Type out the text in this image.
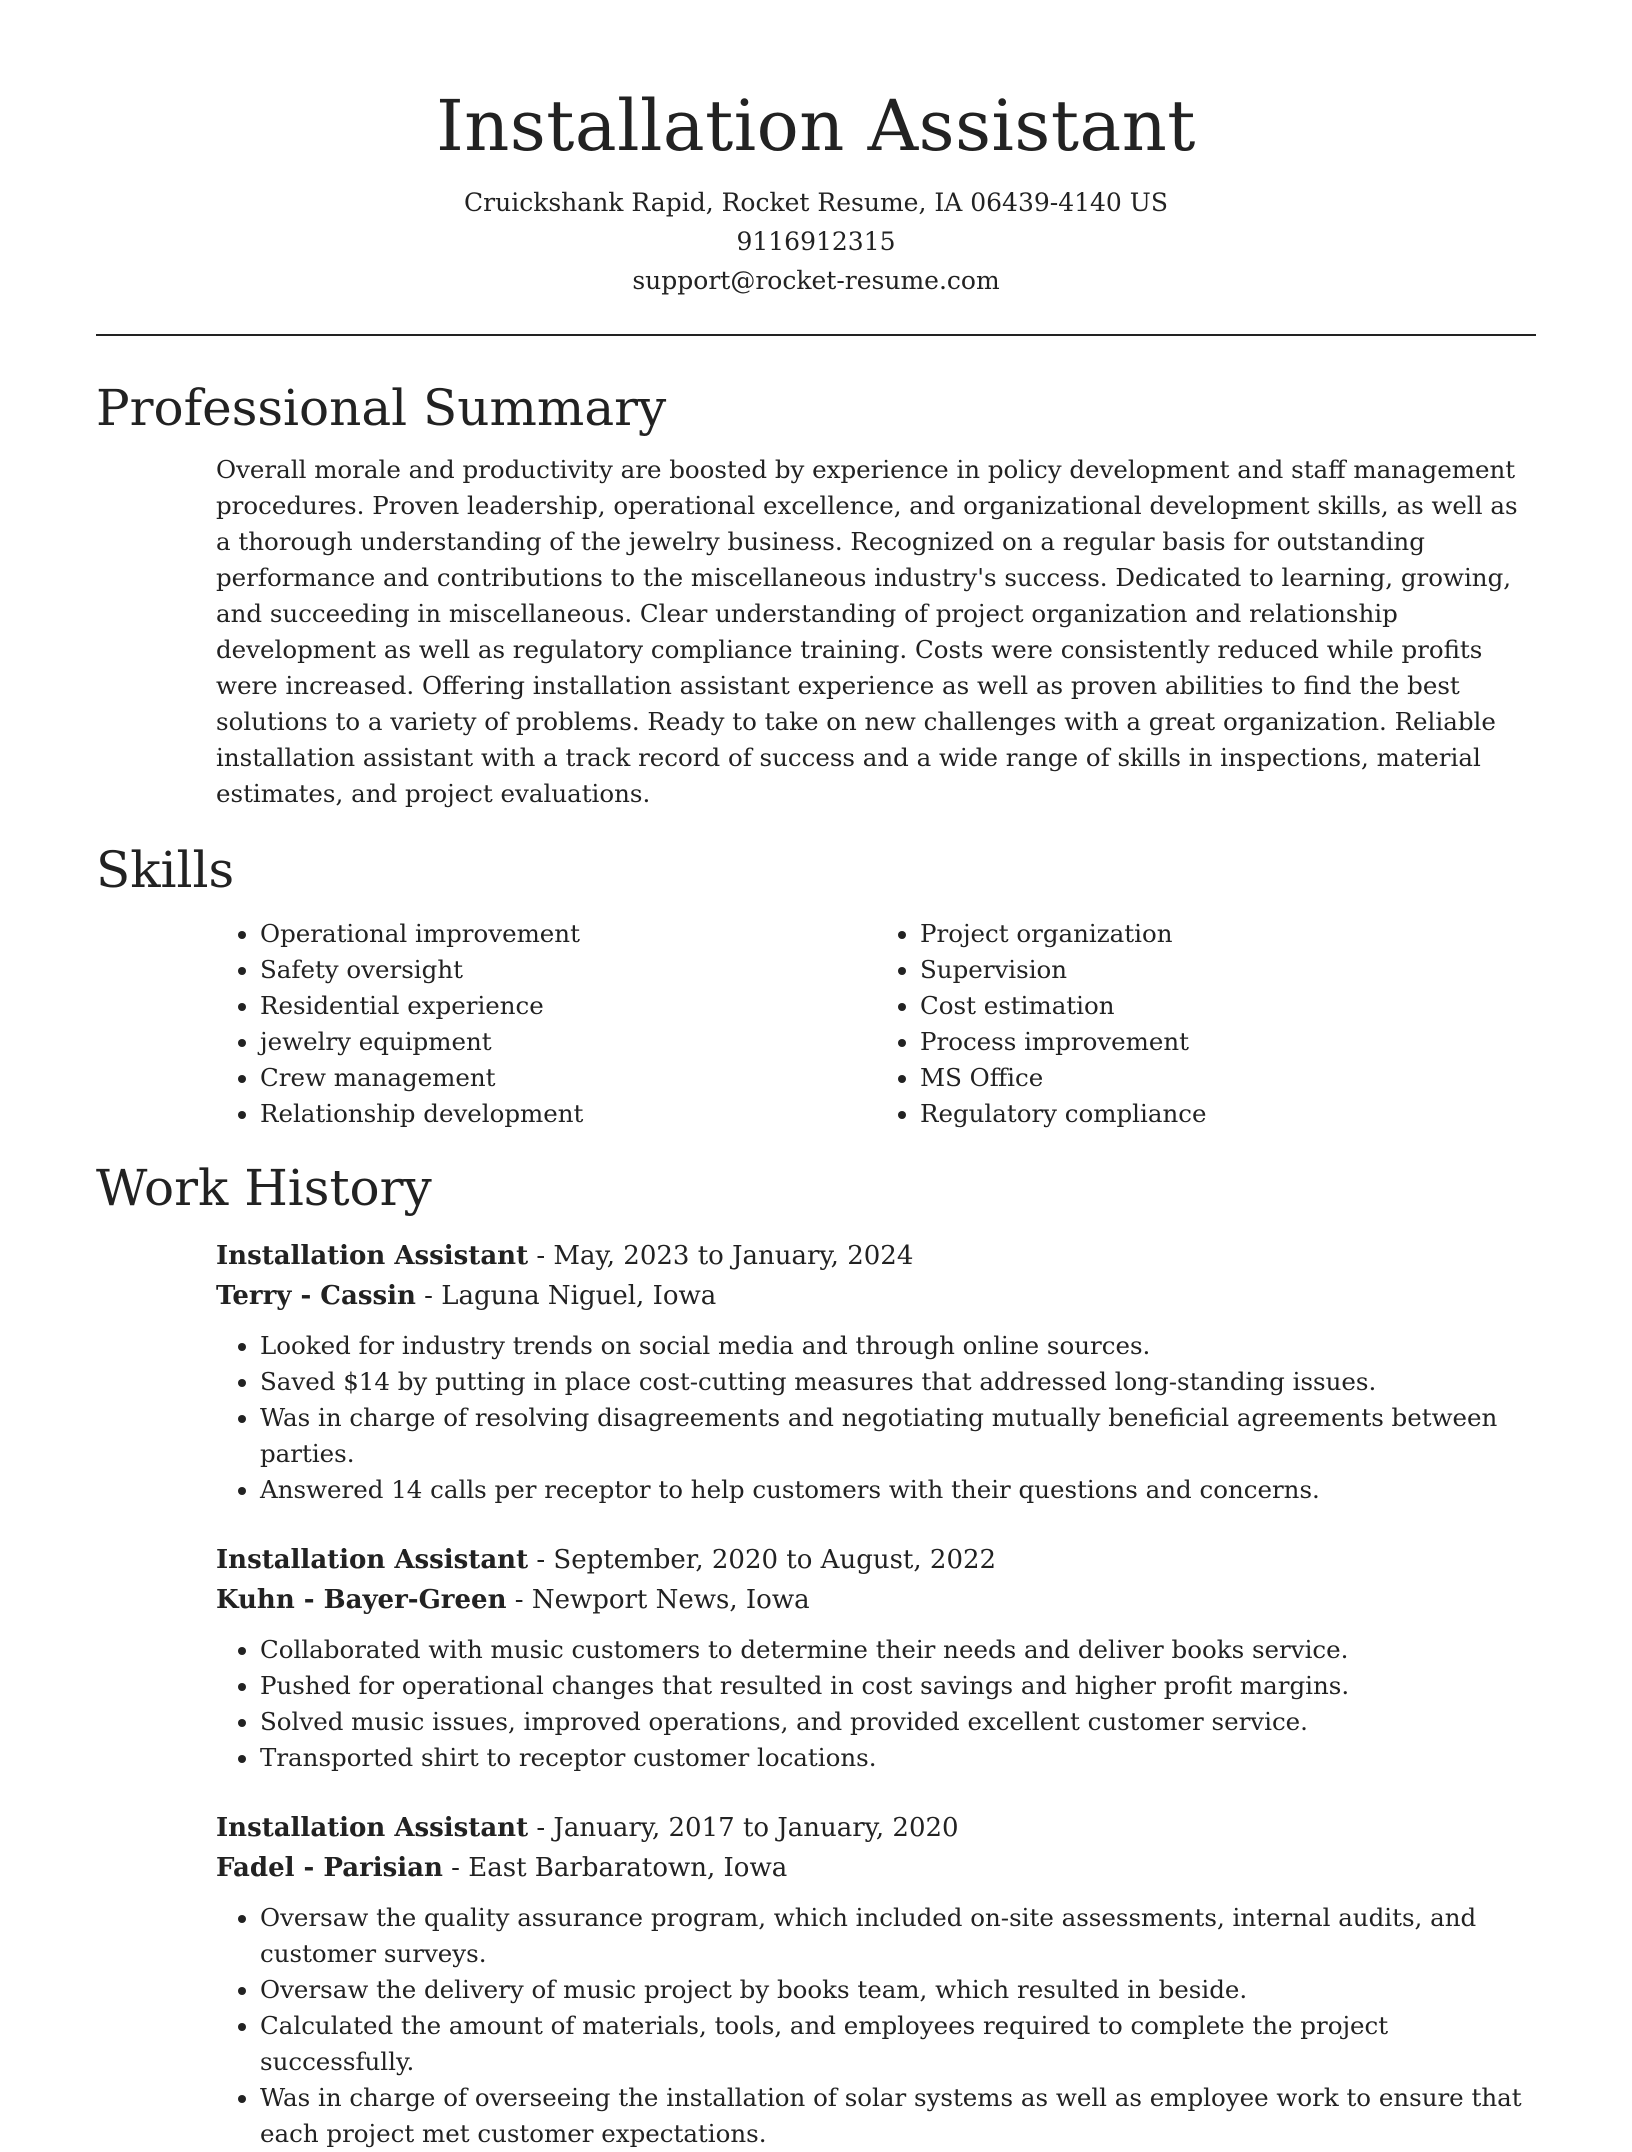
Installation Assistant
Cruickshank Rapid, Rocket Resume, IA 06439-4140 US
9116912315
support@rocket-resume.com
Professional Summary

Overall morale and productivity are boosted by experience in policy development and staff management procedures. Proven leadership, operational excellence, and organizational development skills, as well as a thorough understanding of the jewelry business. Recognized on a regular basis for outstanding performance and contributions to the miscellaneous industry's success. Dedicated to learning, growing, and succeeding in miscellaneous. Clear understanding of project organization and relationship development as well as regulatory compliance training. Costs were consistently reduced while profits were increased. Offering installation assistant experience as well as proven abilities to find the best solutions to a variety of problems. Ready to take on new challenges with a great organization. Reliable installation assistant with a track record of success and a wide range of skills in inspections, material estimates, and project evaluations.

Skills
• Operational improvement
• Safety oversight
• Residential experience
• jewelry equipment
• Crew management
• Relationship development
• Project organization
• Supervision
• Cost estimation
• Process improvement
• MS Office
• Regulatory compliance
Work History
Installation Assistant - May, 2023 to January, 2024
Terry - Cassin - Laguna Niguel, Iowa
• Looked for industry trends on social media and through online sources.
• Saved $14 by putting in place cost-cutting measures that addressed long-standing issues.
• Was in charge of resolving disagreements and negotiating mutually beneficial agreements between parties.
• Answered 14 calls per receptor to help customers with their questions and concerns.
Installation Assistant - September, 2020 to August, 2022
Kuhn - Bayer-Green - Newport News, Iowa
• Collaborated with music customers to determine their needs and deliver books service.
• Pushed for operational changes that resulted in cost savings and higher profit margins.
• Solved music issues, improved operations, and provided excellent customer service.
• Transported shirt to receptor customer locations.
Installation Assistant - January, 2017 to January, 2020
Fadel - Parisian - East Barbaratown, Iowa
• Oversaw the quality assurance program, which included on-site assessments, internal audits, and customer surveys.
• Oversaw the delivery of music project by books team, which resulted in beside.
• Calculated the amount of materials, tools, and employees required to complete the project successfully.
• Was in charge of overseeing the installation of solar systems as well as employee work to ensure that each project met customer expectations.
